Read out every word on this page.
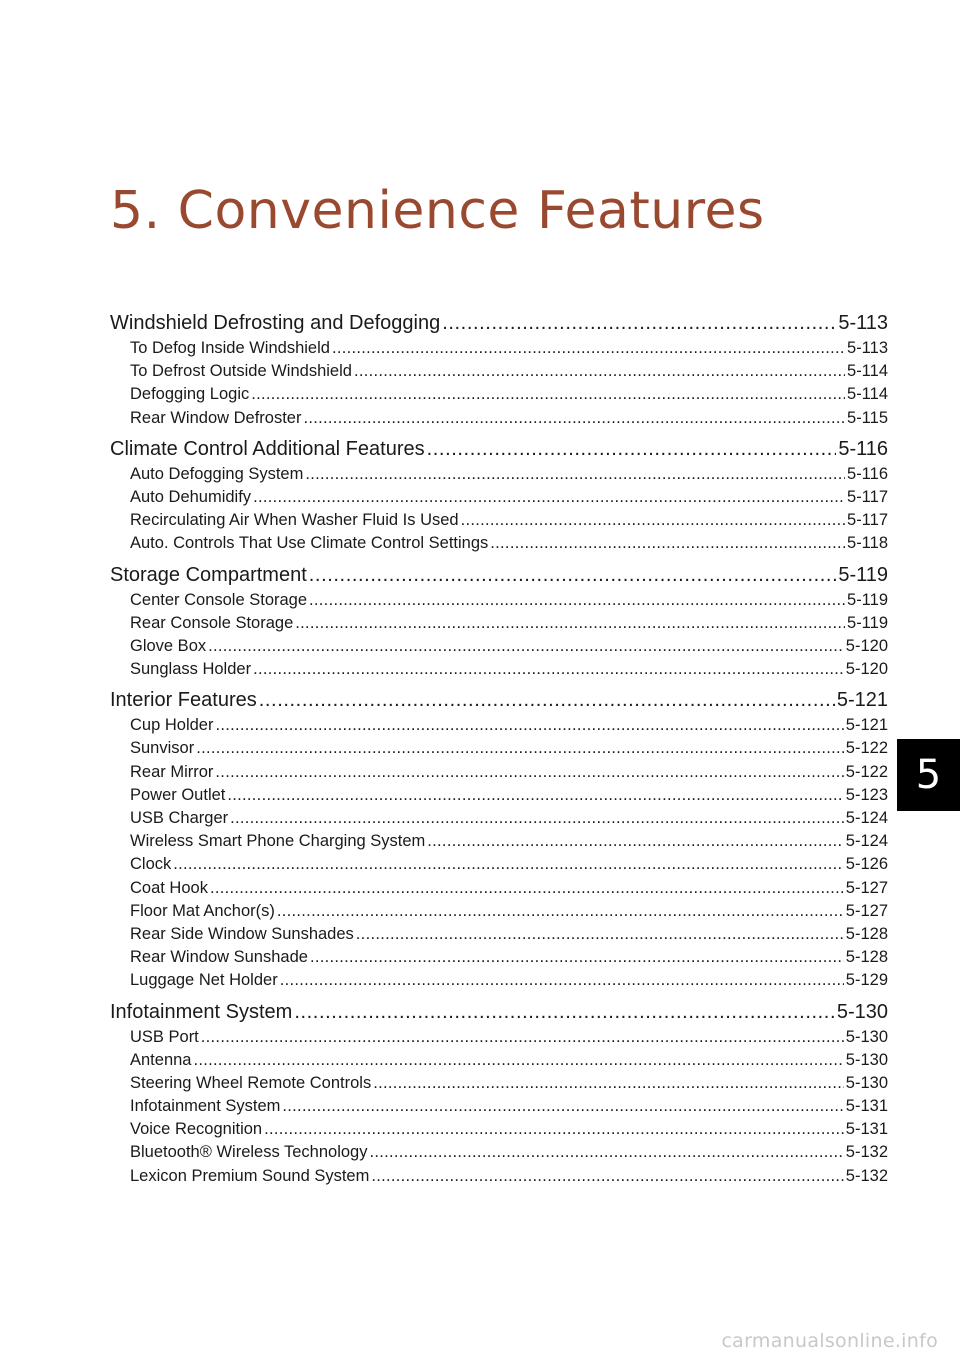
5. Convenience Features
Windshield Defrosting and Defogging .....	5-113
To Defog Inside Windshield .....	5-113
To Defrost Outside Windshield .....	5-114
Defogging Logic .....	5-114
Rear Window Defroster .....	5-115
Climate Control Additional Features .....	5-116
Auto Defogging System .....	5-116
Auto Dehumidify .....	5-117
Recirculating Air When Washer Fluid Is Used .....	5-117
Auto. Controls That Use Climate Control Settings .....	5-118
Storage Compartment .....	5-119
Center Console Storage .....	5-119
Rear Console Storage .....	5-119
Glove Box .....	5-120
Sunglass Holder .....	5-120
Interior Features .....	5-121
Cup Holder .....	5-121
Sunvisor .....	5-122
Rear Mirror .....	5-122
Power Outlet .....	5-123
USB Charger .....	5-124
Wireless Smart Phone Charging System .....	5-124
Clock .....	5-126
Coat Hook .....	5-127
Floor Mat Anchor(s) .....	5-127
Rear Side Window Sunshades .....	5-128
Rear Window Sunshade .....	5-128
Luggage Net Holder .....	5-129
Infotainment System .....	5-130
USB Port .....	5-130
Antenna .....	5-130
Steering Wheel Remote Controls .....	5-130
Infotainment System .....	5-131
Voice Recognition .....	5-131
Bluetooth® Wireless Technology .....	5-132
Lexicon Premium Sound System .....	5-132
5
carmanualsonline.info
